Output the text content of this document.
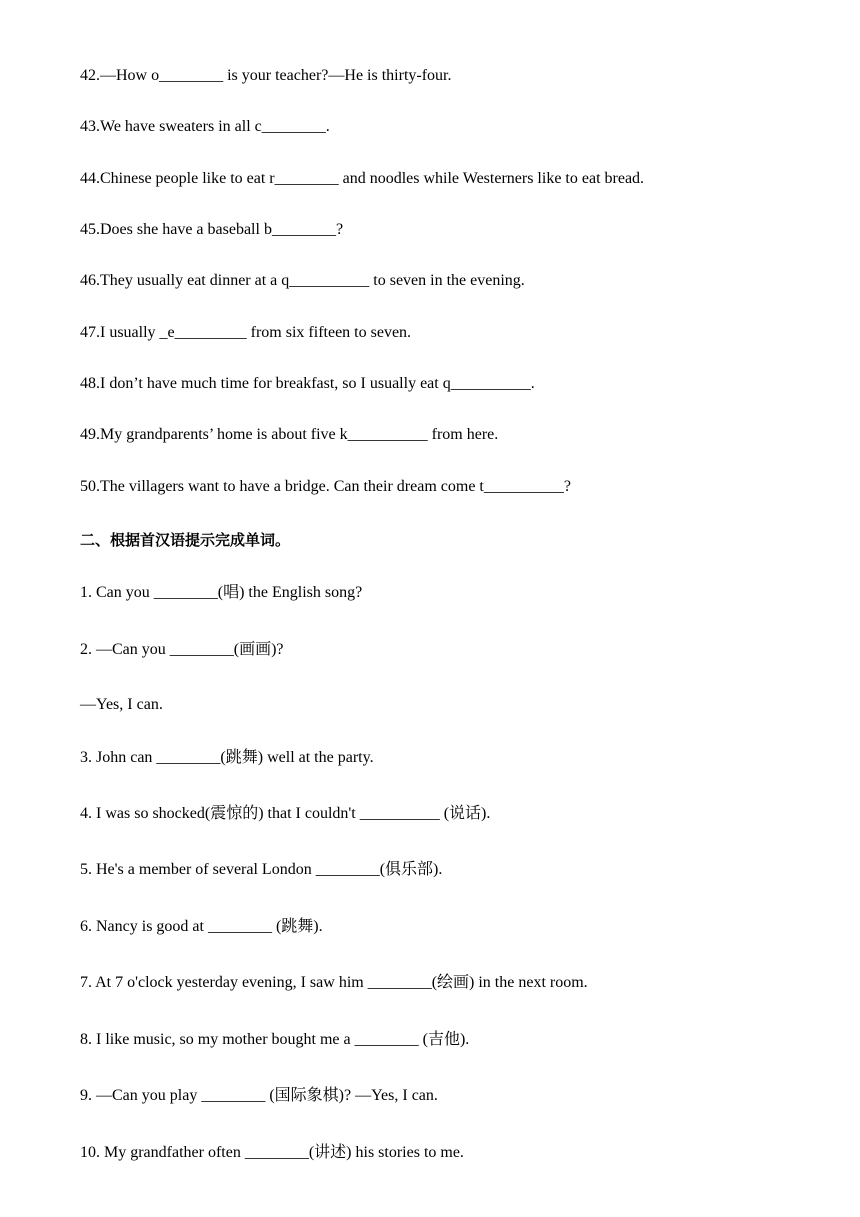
42.—How o________ is your teacher?—He is thirty-four.
43.We have sweaters in all c________.
44.Chinese people like to eat r________ and noodles while Westerners like to eat bread.
45.Does she have a baseball b________?
46.They usually eat dinner at a q__________ to seven in the evening.
47.I usually _e_________ from six fifteen to seven.
48.I don’t have much time for breakfast, so I usually eat q__________.
49.My grandparents’ home is about five k__________ from here.
50.The villagers want to have a bridge. Can their dream come t__________?
二、根据首汉语提示完成单词。
1. Can you ________(唱) the English song?
2. —Can you ________(画画)?
—Yes, I can.
3. John can ________(跳舞) well at the party.
4. I was so shocked(震惊的) that I couldn't __________ (说话).
5. He's a member of several London ________(俱乐部).
6. Nancy is good at ________ (跳舞).
7. At 7 o'clock yesterday evening, I saw him ________(绘画) in the next room.
8. I like music, so my mother bought me a ________ (吉他).
9. —Can you play ________ (国际象棋)? —Yes, I can.
10. My grandfather often ________(讲述) his stories to me.
